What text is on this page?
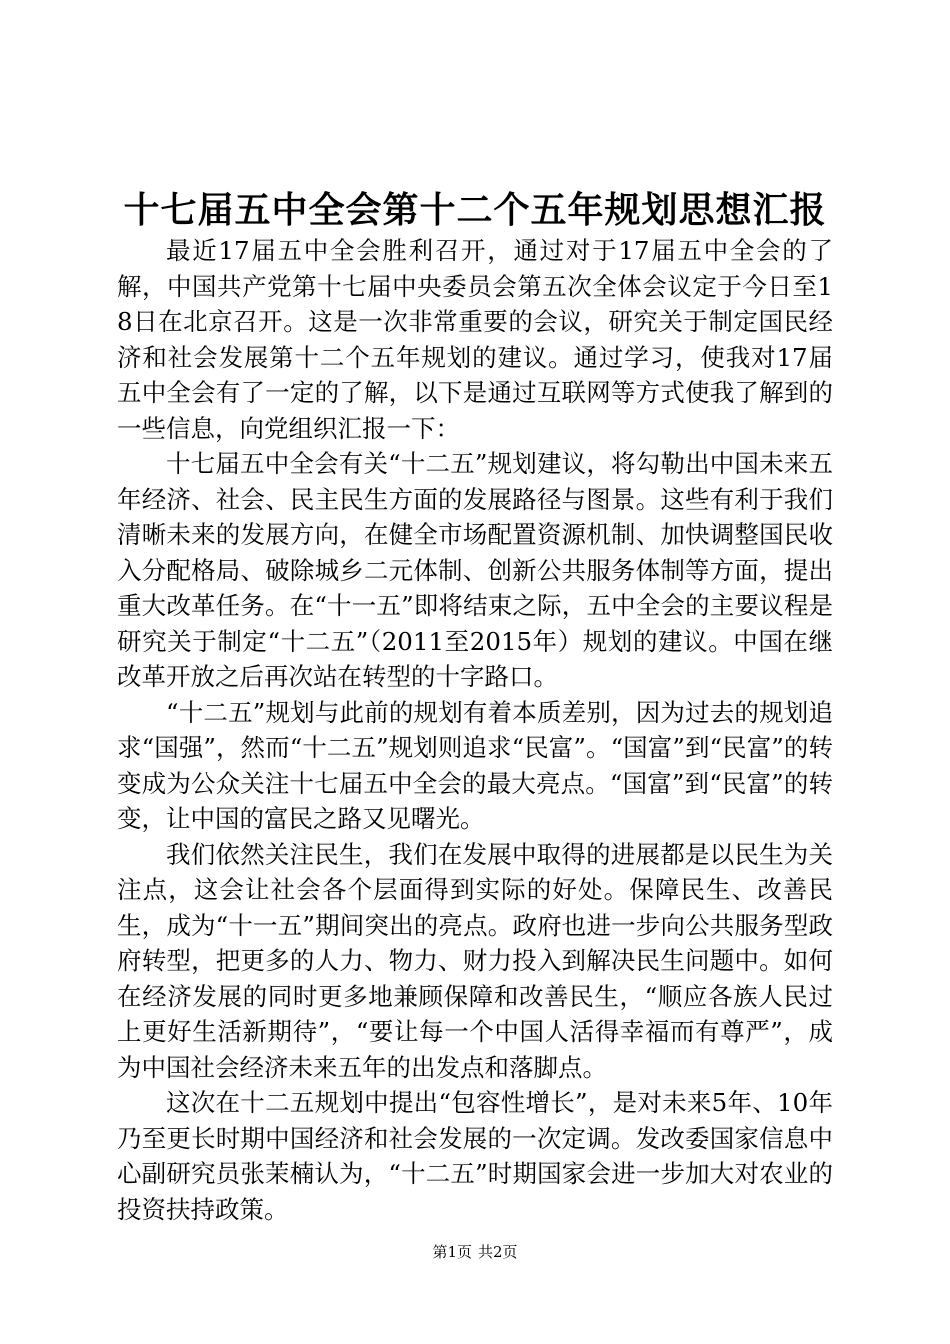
十七届五中全会第十二个五年规划思想汇报

最近17届五中全会胜利召开，通过对于17届五中全会的了解，中国共产党第十七届中央委员会第五次全体会议定于今日至18日在北京召开。这是一次非常重要的会议，研究关于制定国民经济和社会发展第十二个五年规划的建议。通过学习，使我对17届五中全会有了一定的了解，以下是通过互联网等方式使我了解到的一些信息，向党组织汇报一下：

十七届五中全会有关“十二五”规划建议，将勾勒出中国未来五年经济、社会、民主民生方面的发展路径与图景。这些有利于我们清晰未来的发展方向，在健全市场配置资源机制、加快调整国民收入分配格局、破除城乡二元体制、创新公共服务体制等方面，提出重大改革任务。在“十一五”即将结束之际，五中全会的主要议程是研究关于制定“十二五”（2011至2015年）规划的建议。中国在继改革开放之后再次站在转型的十字路口。

“十二五”规划与此前的规划有着本质差别，因为过去的规划追求“国强”，然而“十二五”规划则追求“民富”。“国富”到“民富”的转变成为公众关注十七届五中全会的最大亮点。“国富”到“民富”的转变，让中国的富民之路又见曙光。

我们依然关注民生，我们在发展中取得的进展都是以民生为关注点，这会让社会各个层面得到实际的好处。保障民生、改善民生，成为“十一五”期间突出的亮点。政府也进一步向公共服务型政府转型，把更多的人力、物力、财力投入到解决民生问题中。如何在经济发展的同时更多地兼顾保障和改善民生，“顺应各族人民过上更好生活新期待”，“要让每一个中国人活得幸福而有尊严”，成为中国社会经济未来五年的出发点和落脚点。

这次在十二五规划中提出“包容性增长”，是对未来5年、10年乃至更长时期中国经济和社会发展的一次定调。发改委国家信息中心副研究员张茉楠认为，“十二五”时期国家会进一步加大对农业的投资扶持政策。

第1页 共2页
